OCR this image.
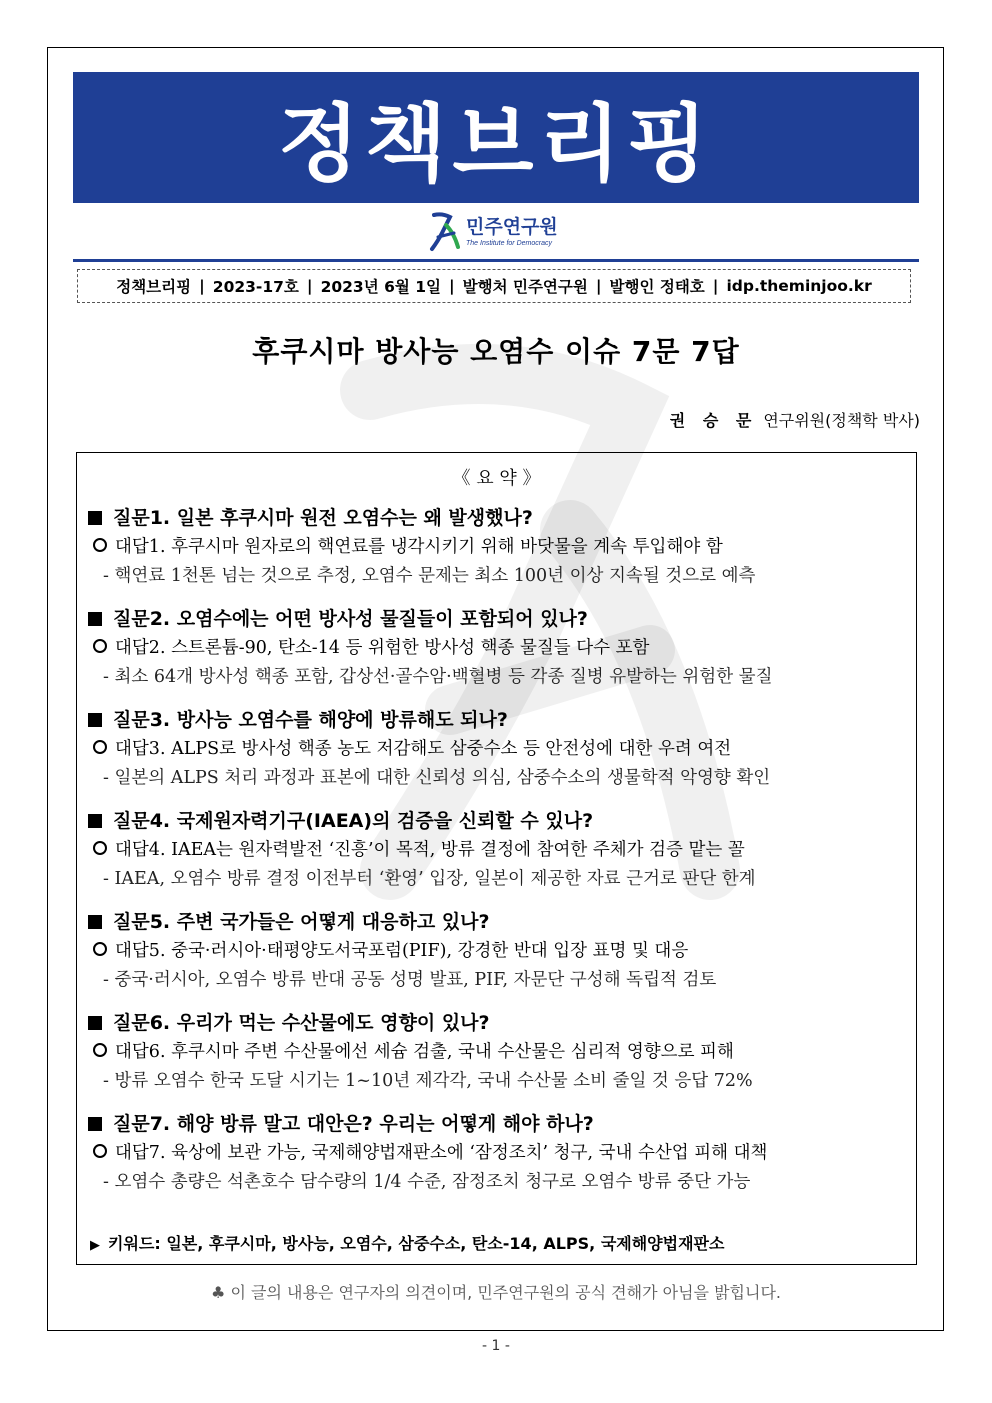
정책브리핑
민주연구원
The Institute for Democracy
정책브리핑 | 2023-17호 | 2023년 6월 1일 | 발행처 민주연구원 | 발행인 정태호 | idp.theminjoo.kr
후쿠시마 방사능 오염수 이슈 7문 7답
권 승 문 연구위원(정책학 박사)
《 요 약 》
질문1. 일본 후쿠시마 원전 오염수는 왜 발생했나?
대답1. 후쿠시마 원자로의 핵연료를 냉각시키기 위해 바닷물을 계속 투입해야 함
- 핵연료 1천톤 넘는 것으로 추정, 오염수 문제는 최소 100년 이상 지속될 것으로 예측
질문2. 오염수에는 어떤 방사성 물질들이 포함되어 있나?
대답2. 스트론튬-90, 탄소-14 등 위험한 방사성 핵종 물질들 다수 포함
- 최소 64개 방사성 핵종 포함, 갑상선·골수암·백혈병 등 각종 질병 유발하는 위험한 물질
질문3. 방사능 오염수를 해양에 방류해도 되나?
대답3. ALPS로 방사성 핵종 농도 저감해도 삼중수소 등 안전성에 대한 우려 여전
- 일본의 ALPS 처리 과정과 표본에 대한 신뢰성 의심, 삼중수소의 생물학적 악영향 확인
질문4. 국제원자력기구(IAEA)의 검증을 신뢰할 수 있나?
대답4. IAEA는 원자력발전 ‘진흥’이 목적, 방류 결정에 참여한 주체가 검증 맡는 꼴
- IAEA, 오염수 방류 결정 이전부터 ‘환영’ 입장, 일본이 제공한 자료 근거로 판단 한계
질문5. 주변 국가들은 어떻게 대응하고 있나?
대답5. 중국·러시아·태평양도서국포럼(PIF), 강경한 반대 입장 표명 및 대응
- 중국·러시아, 오염수 방류 반대 공동 성명 발표, PIF, 자문단 구성해 독립적 검토
질문6. 우리가 먹는 수산물에도 영향이 있나?
대답6. 후쿠시마 주변 수산물에선 세슘 검출, 국내 수산물은 심리적 영향으로 피해
- 방류 오염수 한국 도달 시기는 1~10년 제각각, 국내 수산물 소비 줄일 것 응답 72%
질문7. 해양 방류 말고 대안은? 우리는 어떻게 해야 하나?
대답7. 육상에 보관 가능, 국제해양법재판소에 ‘잠정조치’ 청구, 국내 수산업 피해 대책
- 오염수 총량은 석촌호수 담수량의 1/4 수준, 잠정조치 청구로 오염수 방류 중단 가능
▶ 키워드: 일본, 후쿠시마, 방사능, 오염수, 삼중수소, 탄소-14, ALPS, 국제해양법재판소
♣ 이 글의 내용은 연구자의 의견이며, 민주연구원의 공식 견해가 아님을 밝힙니다.
- 1 -
